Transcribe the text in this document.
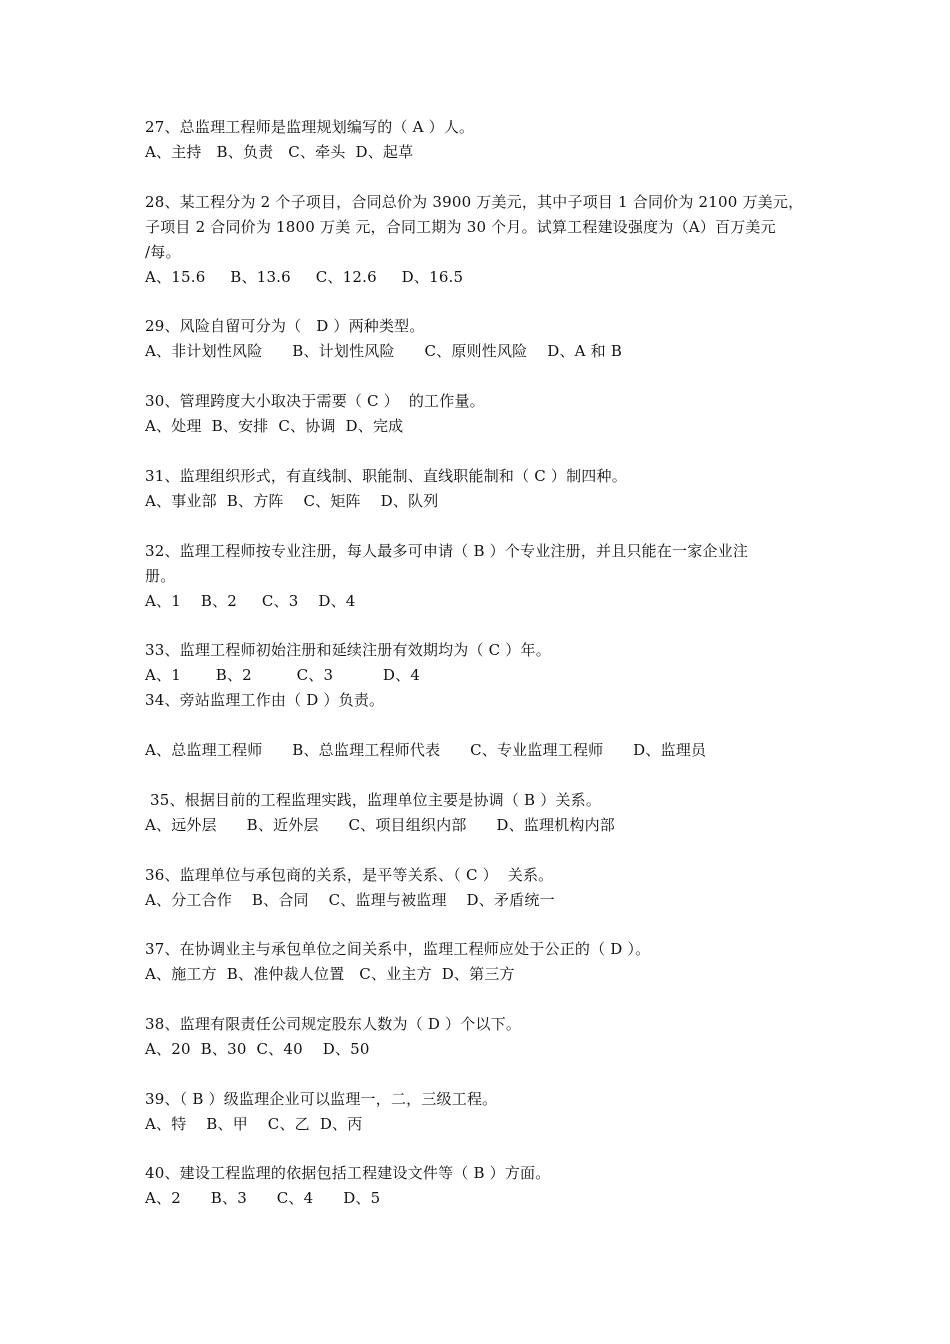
27、总监理工程师是监理规划编写的（ A ）人。
A、主持   B、负责   C、牵头  D、起草
28、某工程分为 2 个子项目，合同总价为 3900 万美元，其中子项目 1 合同价为 2100 万美元，
子项目 2 合同价为 1800 万美 元，合同工期为 30 个月。试算工程建设强度为（A）百万美元
/每。
A、15.6     B、13.6     C、12.6     D、16.5
29、风险自留可分为（   D ）两种类型。
A、非计划性风险      B、计划性风险      C、原则性风险    D、A 和 B
30、管理跨度大小取决于需要（ C ）  的工作量。
A、处理  B、安排  C、协调  D、完成
31、监理组织形式，有直线制、职能制、直线职能制和（ C ）制四种。
A、事业部  B、方阵    C、矩阵    D、队列
32、监理工程师按专业注册，每人最多可申请（ B ）个专业注册，并且只能在一家企业注
册。
A、1    B、2     C、3    D、4
33、监理工程师初始注册和延续注册有效期均为（ C ）年。
A、1       B、2         C、3          D、4
34、旁站监理工作由（ D ）负责。
A、总监理工程师      B、总监理工程师代表      C、专业监理工程师      D、监理员
35、根据目前的工程监理实践，监理单位主要是协调（ B ）关系。
A、远外层      B、近外层      C、项目组织内部      D、监理机构内部
36、监理单位与承包商的关系，是平等关系、（ C ）  关系。
A、分工合作    B、合同    C、监理与被监理    D、矛盾统一
37、在协调业主与承包单位之间关系中，监理工程师应处于公正的（ D ）。
A、施工方  B、准仲裁人位置   C、业主方  D、第三方
38、监理有限责任公司规定股东人数为（ D ）个以下。
A、20  B、30  C、40    D、50
39、（ B ）级监理企业可以监理一，二，三级工程。
A、特    B、甲    C、乙  D、丙
40、建设工程监理的依据包括工程建设文件等（ B ）方面。
A、2      B、3      C、4      D、5
